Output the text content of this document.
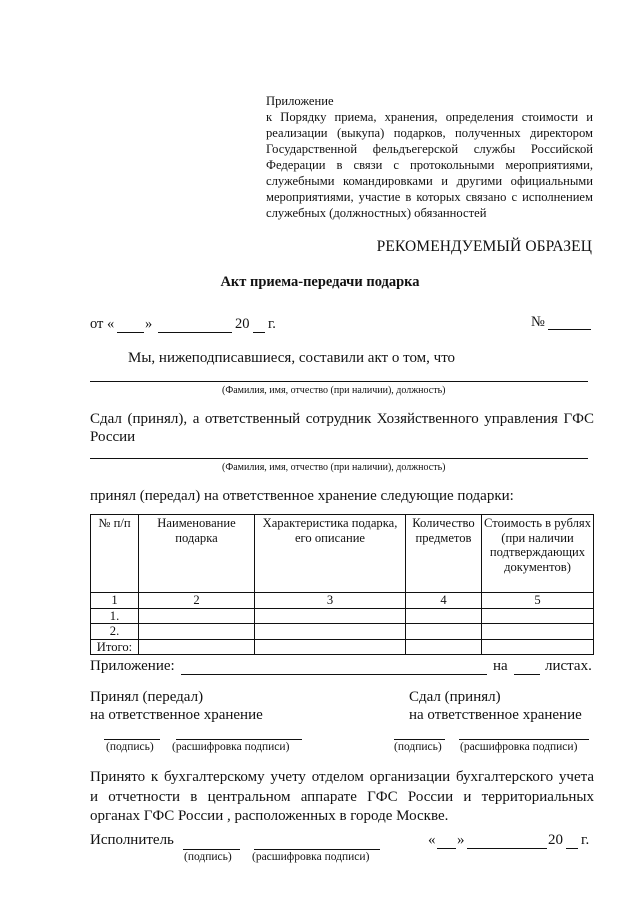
Приложение
к Порядку приема, хранения, определения стоимости и
реализации (выкупа) подарков, полученных директором
Государственной фельдъегерской службы Российской
Федерации в связи с протокольными мероприятиями,
служебными командировками и другими официальными
мероприятиями, участие в которых связано с исполнением
служебных (должностных) обязанностей
РЕКОМЕНДУЕМЫЙ ОБРАЗЕЦ
Акт приема-передачи подарка
от « »	20 г.	№
Мы, нижеподписавшиеся, составили акт о том, что
(Фамилия, имя, отчество (при наличии), должность)
Сдал (принял), а ответственный сотрудник Хозяйственного управления ГФС
России
(Фамилия, имя, отчество (при наличии), должность)
принял (передал) на ответственное хранение следующие подарки:
№ п/п	Наименование подарка	Характеристика подарка, его описание	Количество предметов	Стоимость в рублях (при наличии подтверждающих документов)
1	2	3	4	5
1.				
2.				
Итого:				
Приложение:	на листах.
Принял (передал)
на ответственное хранение
Сдал (принял)
на ответственное хранение
(подпись) (расшифровка подписи)	(подпись) (расшифровка подписи)
Принято к бухгалтерскому учету отделом организации бухгалтерского учета
и отчетности в центральном аппарате ГФС России и территориальных
органах ГФС России , расположенных в городе Москве.
Исполнитель
(подпись) (расшифровка подписи)
« »	20 г.
